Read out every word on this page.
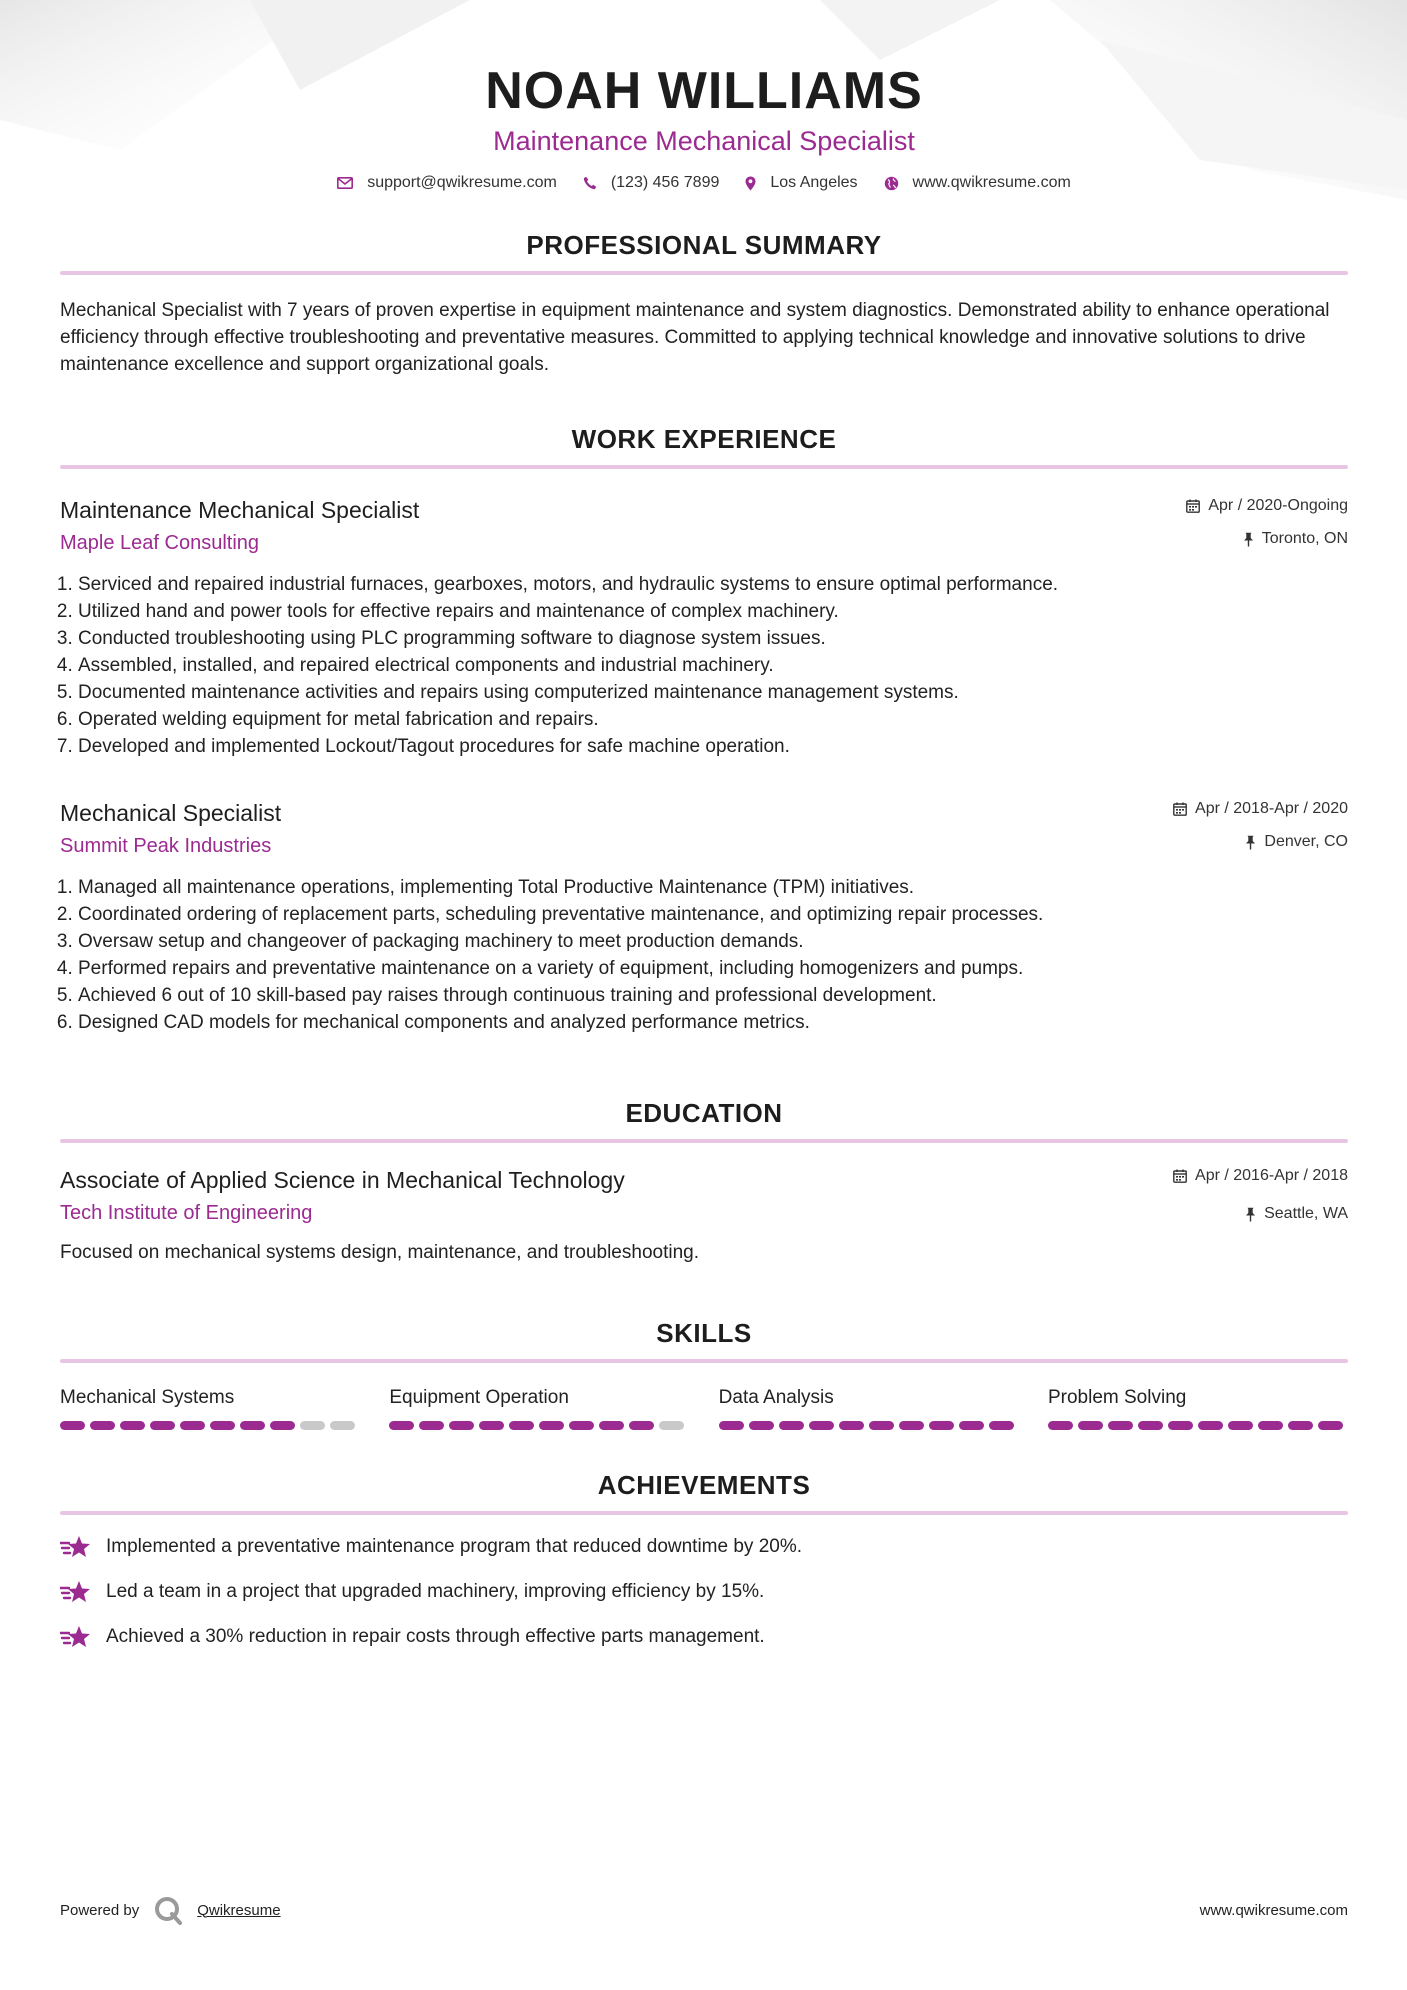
NOAH WILLIAMS
Maintenance Mechanical Specialist
support@qwikresume.com	(123) 456 7899	Los Angeles	www.qwikresume.com
PROFESSIONAL SUMMARY
Mechanical Specialist with 7 years of proven expertise in equipment maintenance and system diagnostics. Demonstrated ability to enhance operational efficiency through effective troubleshooting and preventative measures. Committed to applying technical knowledge and innovative solutions to drive maintenance excellence and support organizational goals.
WORK EXPERIENCE
Maintenance Mechanical Specialist
Maple Leaf Consulting
Apr / 2020-Ongoing
Toronto, ON
1. Serviced and repaired industrial furnaces, gearboxes, motors, and hydraulic systems to ensure optimal performance.
2. Utilized hand and power tools for effective repairs and maintenance of complex machinery.
3. Conducted troubleshooting using PLC programming software to diagnose system issues.
4. Assembled, installed, and repaired electrical components and industrial machinery.
5. Documented maintenance activities and repairs using computerized maintenance management systems.
6. Operated welding equipment for metal fabrication and repairs.
7. Developed and implemented Lockout/Tagout procedures for safe machine operation.
Mechanical Specialist
Summit Peak Industries
Apr / 2018-Apr / 2020
Denver, CO
1. Managed all maintenance operations, implementing Total Productive Maintenance (TPM) initiatives.
2. Coordinated ordering of replacement parts, scheduling preventative maintenance, and optimizing repair processes.
3. Oversaw setup and changeover of packaging machinery to meet production demands.
4. Performed repairs and preventative maintenance on a variety of equipment, including homogenizers and pumps.
5. Achieved 6 out of 10 skill-based pay raises through continuous training and professional development.
6. Designed CAD models for mechanical components and analyzed performance metrics.
EDUCATION
Associate of Applied Science in Mechanical Technology
Tech Institute of Engineering
Apr / 2016-Apr / 2018
Seattle, WA
Focused on mechanical systems design, maintenance, and troubleshooting.
SKILLS
Mechanical Systems	Equipment Operation	Data Analysis	Problem Solving
ACHIEVEMENTS
Implemented a preventative maintenance program that reduced downtime by 20%.
Led a team in a project that upgraded machinery, improving efficiency by 15%.
Achieved a 30% reduction in repair costs through effective parts management.
Powered by	Qwikresume	www.qwikresume.com
